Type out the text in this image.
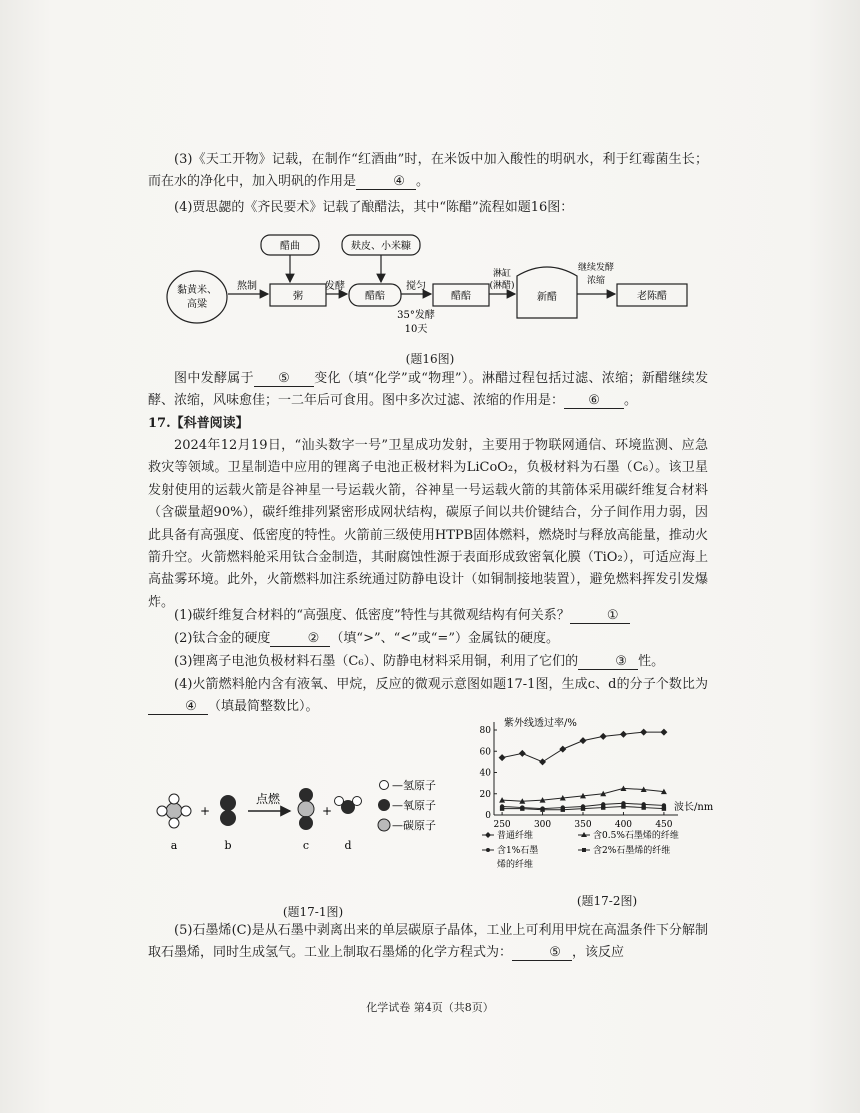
(3)《天工开物》记载，在制作“红酒曲”时，在米饭中加入酸性的明矾水，利于红霉菌生长；而在水的净化中，加入明矾的作用是	④ 。

(4)贾思勰的《齐民要术》记载了酿醋法，其中“陈醋”流程如题16图：

黏黄米、
高粱
熬制
粥
醋曲
发酵
醋醅
麸皮、小米糠
搅匀
35°发酵
10天
醋醅
淋缸
(淋醋)
新醋
继续发酵
浓缩
老陈醋
(题16图)

图中发酵属于 ⑤ 变化（填“化学”或“物理”）。淋醋过程包括过滤、浓缩；新醋继续发酵、浓缩，风味愈佳；一二年后可食用。图中多次过滤、浓缩的作用是： ⑥ 。

17.【科普阅读】

2024年12月19日，“汕头数字一号”卫星成功发射，主要用于物联网通信、环境监测、应急救灾等领域。卫星制造中应用的锂离子电池正极材料为LiCoO₂，负极材料为石墨（C₆）。该卫星发射使用的运载火箭是谷神星一号运载火箭，谷神星一号运载火箭的其箭体采用碳纤维复合材料（含碳量超90%），碳纤维排列紧密形成网状结构，碳原子间以共价键结合，分子间作用力弱，因此具备有高强度、低密度的特性。火箭前三级使用HTPB固体燃料，燃烧时与释放高能量，推动火箭升空。火箭燃料舱采用钛合金制造，其耐腐蚀性源于表面形成致密氧化膜（TiO₂），可适应海上高盐雾环境。此外，火箭燃料加注系统通过防静电设计（如铜制接地装置），避免燃料挥发引发爆炸。

(1)碳纤维复合材料的“高强度、低密度”特性与其微观结构有何关系？	①

(2)钛合金的硬度	② （填“>”、“<”或“=”）金属钛的硬度。

(3)锂离子电池负极材料石墨（C₆）、防静电材料采用铜，利用了它们的	③ 性。

(4)火箭燃料舱内含有液氧、甲烷，反应的微观示意图如题17-1图，生成c、d的分子个数比为④ （填最简整数比）。

+
点燃
+
a	b	c	d
—氢原子
—氧原子
—碳原子
(题17-1图)
紫外线透过率/%
波长/nm
0
20
40
60
80
250	300	350	400	450
普通纤维	含0.5%石墨烯的纤维
含1%石墨	含2%石墨烯的纤维
烯的纤维
(题17-2图)

(5)石墨烯(C)是从石墨中剥离出来的单层碳原子晶体，工业上可利用甲烷在高温条件下分解制取石墨烯，同时生成氢气。工业上制取石墨烯的化学方程式为：	⑤ ，该反应

化学试卷 第4页（共8页）
